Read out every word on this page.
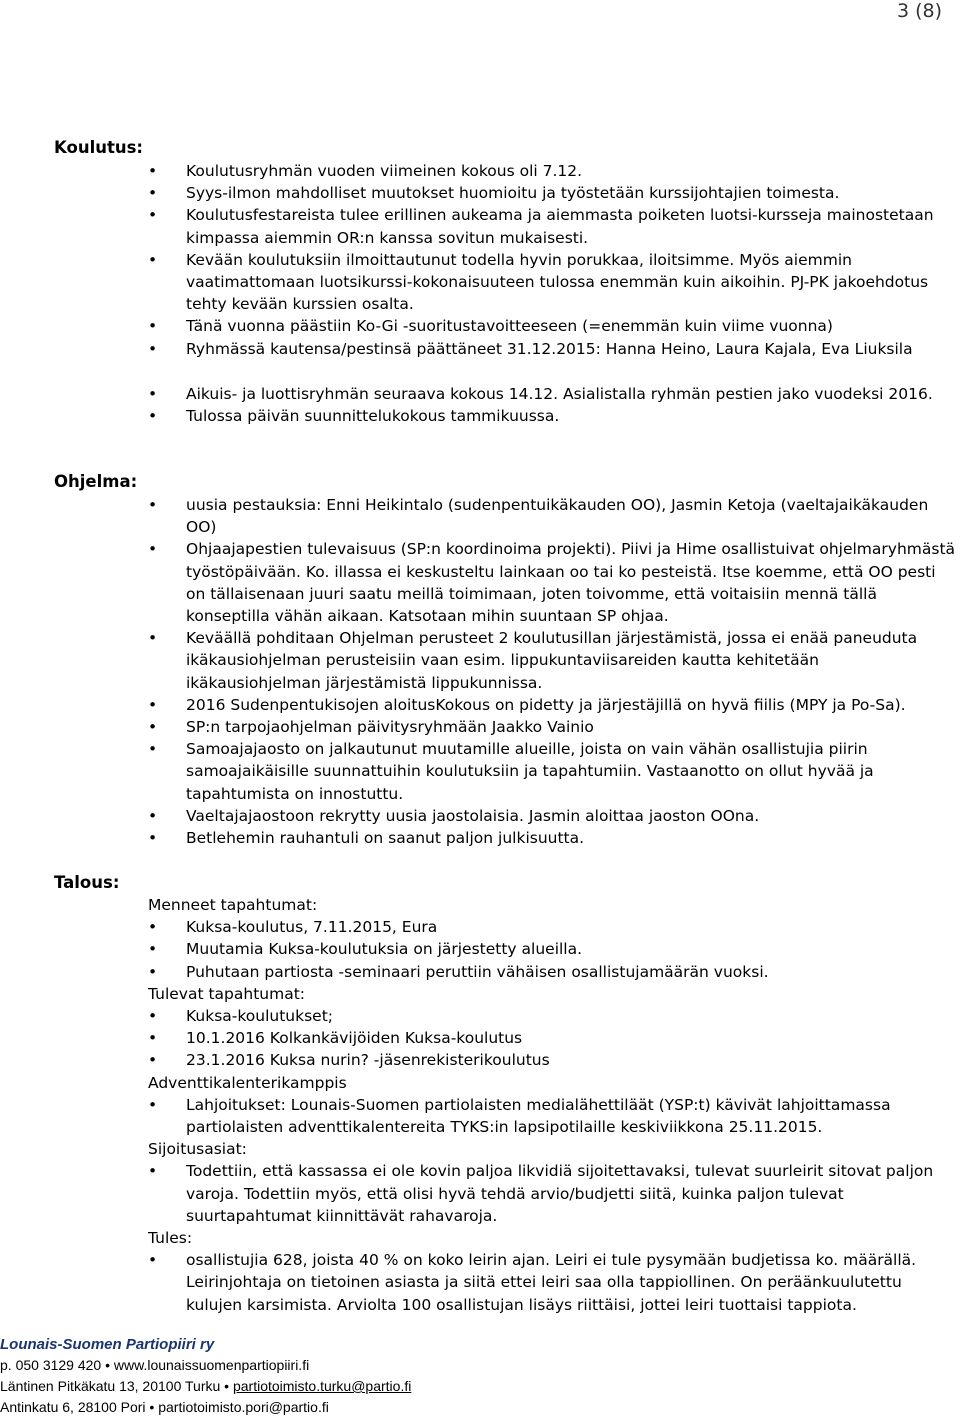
3 (8)
Koulutus:
• Koulutusryhmän vuoden viimeinen kokous oli 7.12.
• Syys-ilmon mahdolliset muutokset huomioitu ja työstetään kurssijohtajien toimesta.
• Koulutusfestareista tulee erillinen aukeama ja aiemmasta poiketen luotsi-kursseja mainostetaan kimpassa aiemmin OR:n kanssa sovitun mukaisesti.
• Kevään koulutuksiin ilmoittautunut todella hyvin porukkaa, iloitsimme. Myös aiemmin vaatimattomaan luotsikurssi-kokonaisuuteen tulossa enemmän kuin aikoihin. PJ-PK jakoehdotus tehty kevään kurssien osalta.
• Tänä vuonna päästiin Ko-Gi -suoritustavoitteeseen (=enemmän kuin viime vuonna)
• Ryhmässä kautensa/pestinsä päättäneet 31.12.2015: Hanna Heino, Laura Kajala, Eva Liuksila
• Aikuis- ja luottisryhmän seuraava kokous 14.12. Asialistalla ryhmän pestien jako vuodeksi 2016.
• Tulossa päivän suunnittelukokous tammikuussa.
Ohjelma:
• uusia pestauksia: Enni Heikintalo (sudenpentuikäkauden OO), Jasmin Ketoja (vaeltajaikäkauden OO)
• Ohjaajapestien tulevaisuus (SP:n koordinoima projekti). Piivi ja Hime osallistuivat ohjelmaryhmästä työstöpäivään. Ko. illassa ei keskusteltu lainkaan oo tai ko pesteistä. Itse koemme, että OO pesti on tällaisenaan juuri saatu meillä toimimaan, joten toivomme, että voitaisiin mennä tällä konseptilla vähän aikaan. Katsotaan mihin suuntaan SP ohjaa.
• Keväällä pohditaan Ohjelman perusteet 2 koulutusillan järjestämistä, jossa ei enää paneuduta ikäkausiohjelman perusteisiin vaan esim. lippukuntaviisareiden kautta kehitetään ikäkausiohjelman järjestämistä lippukunnissa.
• 2016 Sudenpentukisojen aloitusKokous on pidetty ja järjestäjillä on hyvä fiilis (MPY ja Po-Sa).
• SP:n tarpojaohjelman päivitysryhmään Jaakko Vainio
• Samoajajaosto on jalkautunut muutamille alueille, joista on vain vähän osallistujia piirin samoajaikäisille suunnattuihin koulutuksiin ja tapahtumiin. Vastaanotto on ollut hyvää ja tapahtumista on innostuttu.
• Vaeltajajaostoon rekrytty uusia jaostolaisia. Jasmin aloittaa jaoston OOna.
• Betlehemin rauhantuli on saanut paljon julkisuutta.
Talous:
Menneet tapahtumat:
• Kuksa-koulutus, 7.11.2015, Eura
• Muutamia Kuksa-koulutuksia on järjestetty alueilla.
• Puhutaan partiosta -seminaari peruttiin vähäisen osallistujamäärän vuoksi.
Tulevat tapahtumat:
• Kuksa-koulutukset;
• 10.1.2016 Kolkankävijöiden Kuksa-koulutus
• 23.1.2016 Kuksa nurin? -jäsenrekisterikoulutus
Adventtikalenterikamppis
• Lahjoitukset: Lounais-Suomen partiolaisten medialähettiläät (YSP:t) kävivät lahjoittamassa partiolaisten adventtikalentereita TYKS:in lapsipotilaille keskiviikkona 25.11.2015.
Sijoitusasiat:
• Todettiin, että kassassa ei ole kovin paljoa likvidiä sijoitettavaksi, tulevat suurleirit sitovat paljon varoja. Todettiin myös, että olisi hyvä tehdä arvio/budjetti siitä, kuinka paljon tulevat suurtapahtumat kiinnittävät rahavaroja.
Tules:
• osallistujia 628, joista 40 % on koko leirin ajan. Leiri ei tule pysymään budjetissa ko. määrällä. Leirinjohtaja on tietoinen asiasta ja siitä ettei leiri saa olla tappiollinen. On peräänkuulutettu kulujen karsimista. Arviolta 100 osallistujan lisäys riittäisi, jottei leiri tuottaisi tappiota.
Lounais-Suomen Partiopiiri ry
p. 050 3129 420 • www.lounaissuomenpartiopiiri.fi
Läntinen Pitkäkatu 13, 20100 Turku • partiotoimisto.turku@partio.fi
Antinkatu 6, 28100 Pori • partiotoimisto.pori@partio.fi
